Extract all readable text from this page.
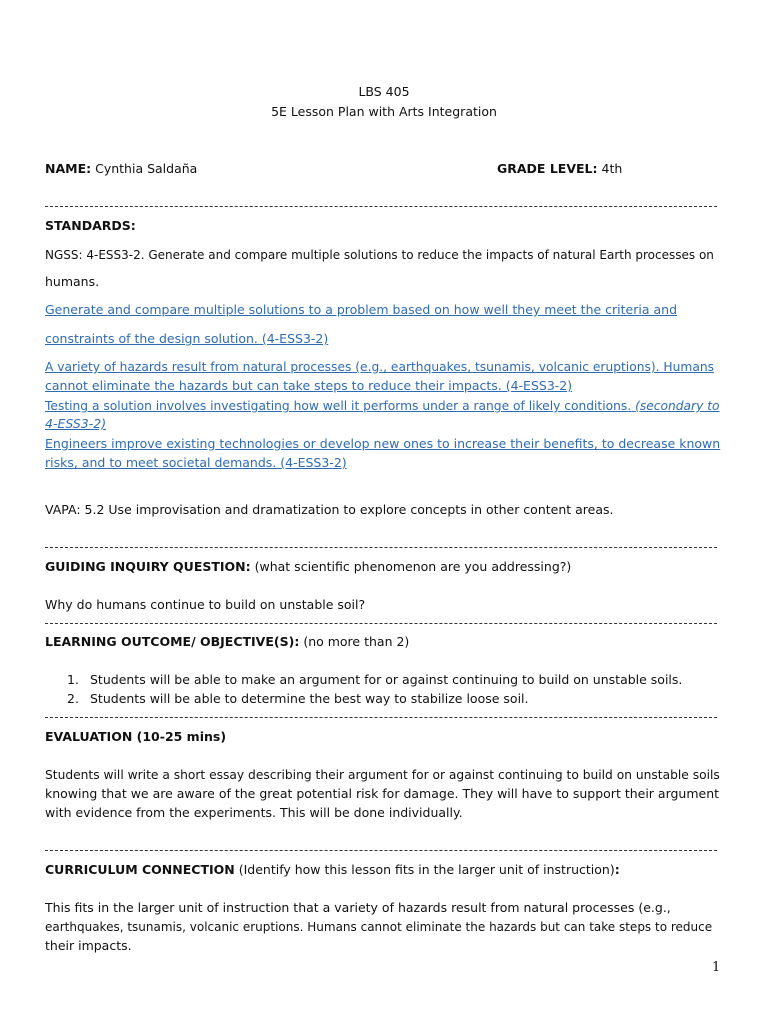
LBS 405
5E Lesson Plan with Arts Integration
NAME: Cynthia Saldaña	GRADE LEVEL: 4th
STANDARDS:
NGSS: 4-ESS3-2. Generate and compare multiple solutions to reduce the impacts of natural Earth processes on
humans.
Generate and compare multiple solutions to a problem based on how well they meet the criteria and
constraints of the design solution. (4-ESS3-2)
A variety of hazards result from natural processes (e.g., earthquakes, tsunamis, volcanic eruptions). Humans
cannot eliminate the hazards but can take steps to reduce their impacts. (4-ESS3-2)
Testing a solution involves investigating how well it performs under a range of likely conditions. (secondary to
4-ESS3-2)
Engineers improve existing technologies or develop new ones to increase their benefits, to decrease known
risks, and to meet societal demands. (4-ESS3-2)
VAPA: 5.2 Use improvisation and dramatization to explore concepts in other content areas.
GUIDING INQUIRY QUESTION: (what scientific phenomenon are you addressing?)
Why do humans continue to build on unstable soil?
LEARNING OUTCOME/ OBJECTIVE(S): (no more than 2)
1. Students will be able to make an argument for or against continuing to build on unstable soils.
2. Students will be able to determine the best way to stabilize loose soil.
EVALUATION (10-25 mins)
Students will write a short essay describing their argument for or against continuing to build on unstable soils
knowing that we are aware of the great potential risk for damage. They will have to support their argument
with evidence from the experiments. This will be done individually.
CURRICULUM CONNECTION (Identify how this lesson fits in the larger unit of instruction):
This fits in the larger unit of instruction that a variety of hazards result from natural processes (e.g.,
earthquakes, tsunamis, volcanic eruptions. Humans cannot eliminate the hazards but can take steps to reduce
their impacts.
1
